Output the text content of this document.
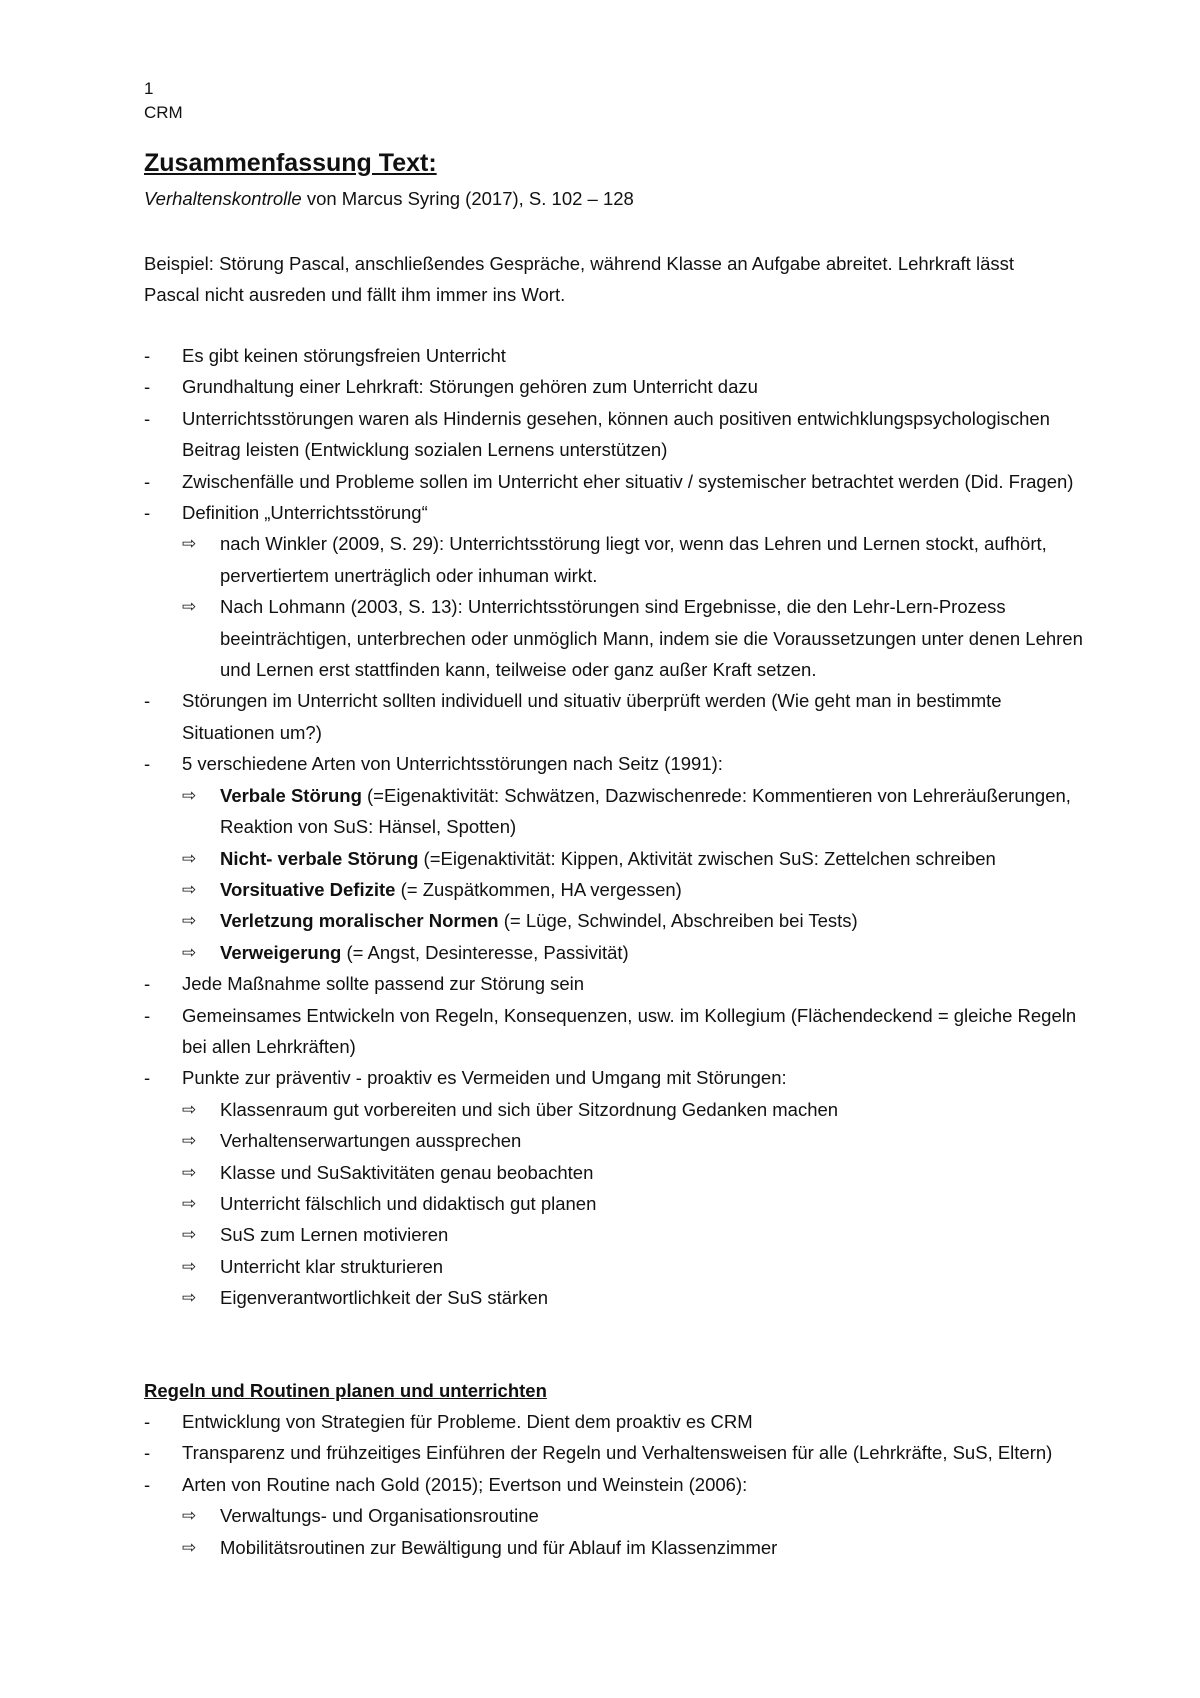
1
CRM
Zusammenfassung Text:
Verhaltenskontrolle von Marcus Syring (2017), S. 102 – 128
Beispiel: Störung Pascal, anschließendes Gespräche, während Klasse an Aufgabe abreitet. Lehrkraft lässt Pascal nicht ausreden und fällt ihm immer ins Wort.
-	Es gibt keinen störungsfreien Unterricht
-	Grundhaltung einer Lehrkraft: Störungen gehören zum Unterricht dazu
-	Unterrichtsstörungen waren als Hindernis gesehen, können auch positiven entwichklungspsychologischen Beitrag leisten (Entwicklung sozialen Lernens unterstützen)
-	Zwischenfälle und Probleme sollen im Unterricht eher situativ / systemischer betrachtet werden (Did. Fragen)
-	Definition „Unterrichtsstörung“
⇨	nach Winkler (2009, S. 29): Unterrichtsstörung liegt vor, wenn das Lehren und Lernen stockt, aufhört, pervertiertem unerträglich oder inhuman wirkt.
⇨	Nach Lohmann (2003, S. 13): Unterrichtsstörungen sind Ergebnisse, die den Lehr-Lern-Prozess beeinträchtigen, unterbrechen oder unmöglich Mann, indem sie die Voraussetzungen unter denen Lehren und Lernen erst stattfinden kann, teilweise oder ganz außer Kraft setzen.
-	Störungen im Unterricht sollten individuell und situativ überprüft werden (Wie geht man in bestimmte Situationen um?)
-	5 verschiedene Arten von Unterrichtsstörungen nach Seitz (1991):
⇨	Verbale Störung (=Eigenaktivität: Schwätzen, Dazwischenrede: Kommentieren von Lehreräußerungen, Reaktion von SuS: Hänsel, Spotten)
⇨	Nicht- verbale Störung (=Eigenaktivität: Kippen, Aktivität zwischen SuS: Zettelchen schreiben
⇨	Vorsituative Defizite (= Zuspätkommen, HA vergessen)
⇨	Verletzung moralischer Normen (= Lüge, Schwindel, Abschreiben bei Tests)
⇨	Verweigerung (= Angst, Desinteresse, Passivität)
-	Jede Maßnahme sollte passend zur Störung sein
-	Gemeinsames Entwickeln von Regeln, Konsequenzen, usw. im Kollegium (Flächendeckend = gleiche Regeln bei allen Lehrkräften)
-	Punkte zur präventiv - proaktiv es Vermeiden und Umgang mit Störungen:
⇨	Klassenraum gut vorbereiten und sich über Sitzordnung Gedanken machen
⇨	Verhaltenserwartungen aussprechen
⇨	Klasse und SuSaktivitäten genau beobachten
⇨	Unterricht fälschlich und didaktisch gut planen
⇨	SuS zum Lernen motivieren
⇨	Unterricht klar strukturieren
⇨	Eigenverantwortlichkeit der SuS stärken
Regeln und Routinen planen und unterrichten
-	Entwicklung von Strategien für Probleme. Dient dem proaktiv es CRM
-	Transparenz und frühzeitiges Einführen der Regeln und Verhaltensweisen für alle (Lehrkräfte, SuS, Eltern)
-	Arten von Routine nach Gold (2015); Evertson und Weinstein (2006):
⇨	Verwaltungs- und Organisationsroutine
⇨	Mobilitätsroutinen zur Bewältigung und für Ablauf im Klassenzimmer
